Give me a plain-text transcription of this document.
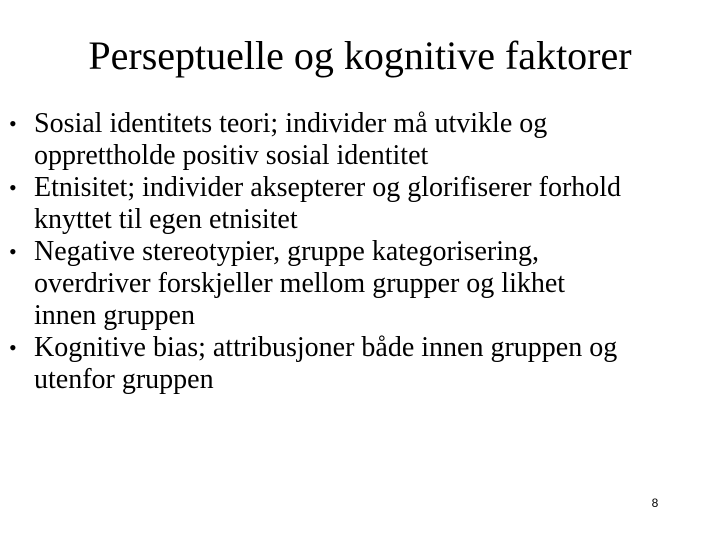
Perseptuelle og kognitive faktorer
• Sosial identitets teori; individer må utvikle og
opprettholde positiv sosial identitet
• Etnisitet; individer aksepterer og glorifiserer forhold
knyttet til egen etnisitet
• Negative stereotypier, gruppe kategorisering,
overdriver forskjeller mellom grupper og likhet
innen gruppen
• Kognitive bias; attribusjoner både innen gruppen og
utenfor gruppen
8
